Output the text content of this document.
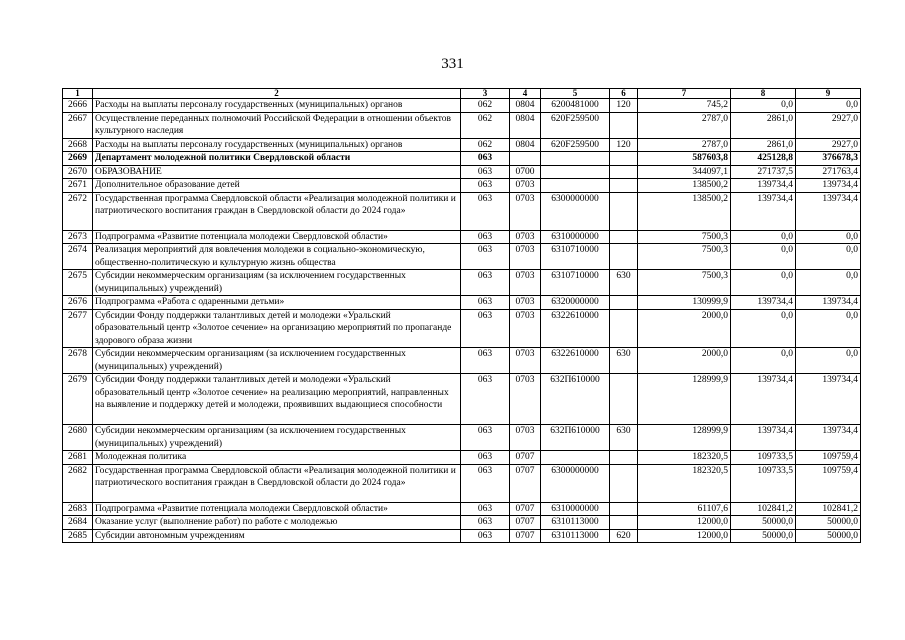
331
1	2	3	4	5	6	7	8	9
2666	Расходы на выплаты персоналу государственных (муниципальных) органов	062	0804	6200481000	120	745,2	0,0	0,0
2667	Осуществление переданных полномочий Российской Федерации в отношении объектов культурного наследия	062	0804	620F259500		2787,0	2861,0	2927,0
2668	Расходы на выплаты персоналу государственных (муниципальных) органов	062	0804	620F259500	120	2787,0	2861,0	2927,0
2669	Департамент молодежной политики Свердловской области	063				587603,8	425128,8	376678,3
2670	ОБРАЗОВАНИЕ	063	0700			344097,1	271737,5	271763,4
2671	Дополнительное образование детей	063	0703			138500,2	139734,4	139734,4
2672	Государственная программа Свердловской области «Реализация молодежной политики и патриотического воспитания граждан в Свердловской области до 2024 года»	063	0703	6300000000		138500,2	139734,4	139734,4
2673	Подпрограмма «Развитие потенциала молодежи Свердловской области»	063	0703	6310000000		7500,3	0,0	0,0
2674	Реализация мероприятий для вовлечения молодежи в социально-экономическую, общественно-политическую и культурную жизнь общества	063	0703	6310710000		7500,3	0,0	0,0
2675	Субсидии некоммерческим организациям (за исключением государственных (муниципальных) учреждений)	063	0703	6310710000	630	7500,3	0,0	0,0
2676	Подпрограмма «Работа с одаренными детьми»	063	0703	6320000000		130999,9	139734,4	139734,4
2677	Субсидии Фонду поддержки талантливых детей и молодежи «Уральский образовательный центр «Золотое сечение» на организацию мероприятий по пропаганде здорового образа жизни	063	0703	6322610000		2000,0	0,0	0,0
2678	Субсидии некоммерческим организациям (за исключением государственных (муниципальных) учреждений)	063	0703	6322610000	630	2000,0	0,0	0,0
2679	Субсидии Фонду поддержки талантливых детей и молодежи «Уральский образовательный центр «Золотое сечение» на реализацию мероприятий, направленных на выявление и поддержку детей и молодежи, проявивших выдающиеся способности	063	0703	632П610000		128999,9	139734,4	139734,4
2680	Субсидии некоммерческим организациям (за исключением государственных (муниципальных) учреждений)	063	0703	632П610000	630	128999,9	139734,4	139734,4
2681	Молодежная политика	063	0707			182320,5	109733,5	109759,4
2682	Государственная программа Свердловской области «Реализация молодежной политики и патриотического воспитания граждан в Свердловской области до 2024 года»	063	0707	6300000000		182320,5	109733,5	109759,4
2683	Подпрограмма «Развитие потенциала молодежи Свердловской области»	063	0707	6310000000		61107,6	102841,2	102841,2
2684	Оказание услуг (выполнение работ) по работе с молодежью	063	0707	6310113000		12000,0	50000,0	50000,0
2685	Субсидии автономным учреждениям	063	0707	6310113000	620	12000,0	50000,0	50000,0
